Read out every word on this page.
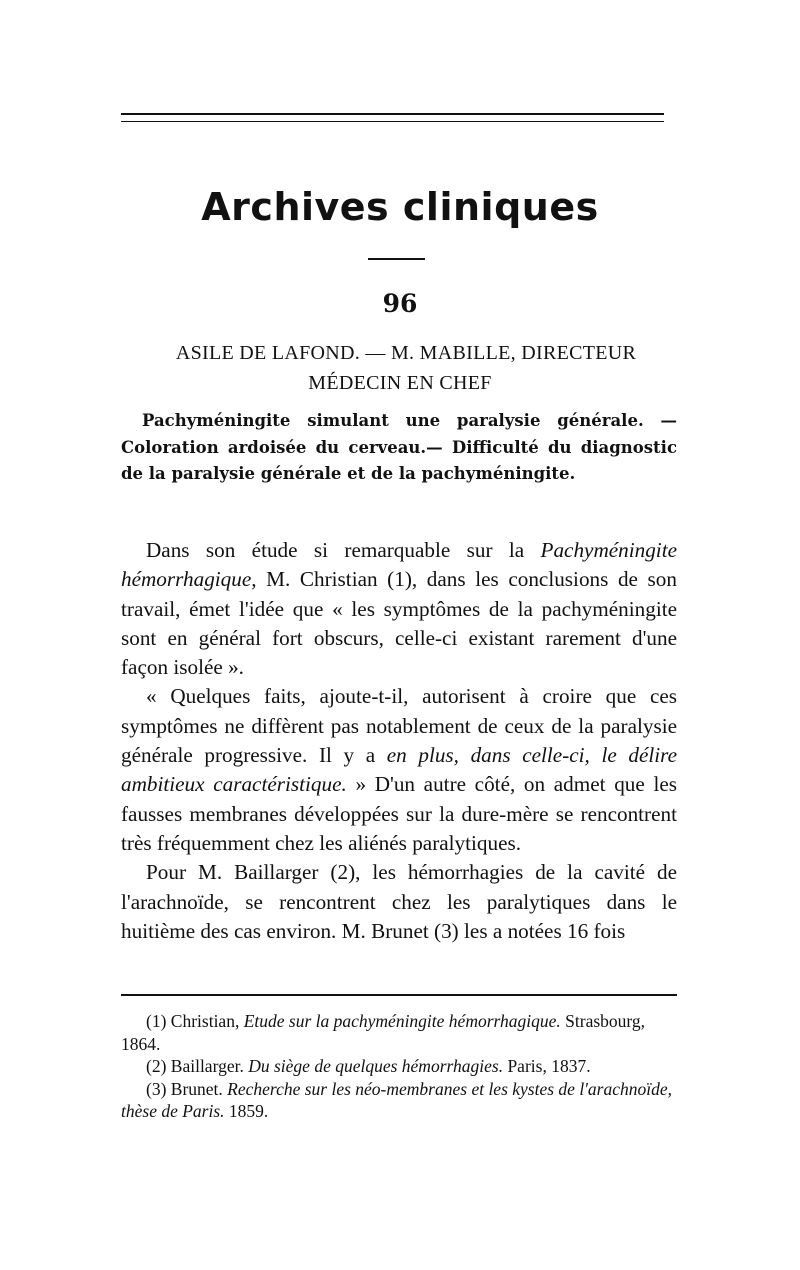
Archives cliniques
96
ASILE DE LAFOND. — M. MABILLE, DIRECTEUR
MÉDECIN EN CHEF

Pachyméningite simulant une paralysie générale. — Coloration ardoisée du cerveau.— Difficulté du diagnostic de la paralysie générale et de la pachyméningite.

Dans son étude si remarquable sur la Pachyméningite hémorrhagique, M. Christian (1), dans les conclusions de son travail, émet l'idée que « les symptômes de la pachyméningite sont en général fort obscurs, celle-ci existant rarement d'une façon isolée ».

« Quelques faits, ajoute-t-il, autorisent à croire que ces symptômes ne diffèrent pas notablement de ceux de la paralysie générale progressive. Il y a en plus, dans celle-ci, le délire ambitieux caractéristique. » D'un autre côté, on admet que les fausses membranes développées sur la dure-mère se rencontrent très fréquemment chez les aliénés paralytiques.

Pour M. Baillarger (2), les hémorrhagies de la cavité de l'arachnoïde, se rencontrent chez les paralytiques dans le huitième des cas environ. M. Brunet (3) les a notées 16 fois

(1) Christian, Etude sur la pachyméningite hémorrhagique. Strasbourg, 1864.

(2) Baillarger. Du siège de quelques hémorrhagies. Paris, 1837.

(3) Brunet. Recherche sur les néo-membranes et les kystes de l'arachnoïde, thèse de Paris. 1859.
